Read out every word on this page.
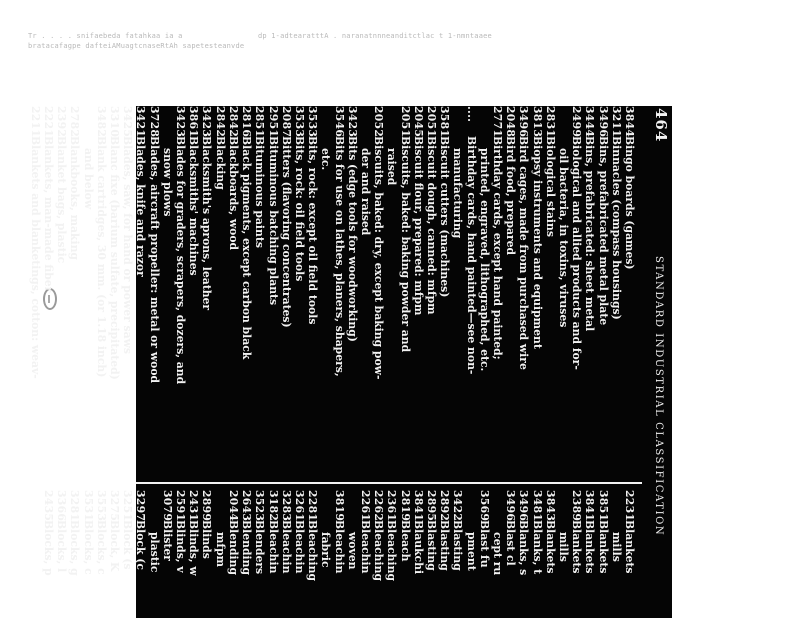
Tr . . . . snifaebeda fatahkaa ia a
bratacafagpe dafteiAMuagtcnaseRtAh sapetesteanvde
dp 1-adtearatttA . naranatnnneanditctlac t 1-nmntaaee
464
STANDARD INDUSTRIAL CLASSIFICATION
3844
Bingo boards (games)
3211
Binnacles (compass housings)
3496
Bins, prefabricated metal plate
3444
Bins, prefabricated: sheet metal
2499
Biological and allied products and for-
oil bacteria, in toxins, viruses
2831
Biological stains
3813
Biopsy instruments and equipment
3496
Bird cages, made from purchased wire
2048
Bird food, prepared
2771
Birthday cards, except hand painted;
printed, engraved, lithographed, etc.
....
Birthday cards, hand painted—see non-
manufacturing
3581
Biscuit cutters (machines)
2051
Biscuit dough, canned: mfpm
2045
Biscuit flour, prepared: mfpm
2051
Biscuits, baked: baking powder and
raised
2052
Biscuits, baked: dry, except baking pow-
der and raised
3423
Bits (edge tools for woodworking)
3546
Bits for use on lathes, planers, shapers,
etc.
3533
Bits, rock: except oil field tools
3533
Bits, rock: oil field tools
2087
Bitters (flavoring concentrates)
2951
Bituminous batching plants
2851
Bituminous paints
2816
Black pigments, except carbon black
2842
Blackboards, wood
2842
Blacking
3423
Blacksmith's aprons, leather
3861
Blacksmiths' machines
3423
Blades for graders, scrapers, dozers, and
snow plows
3728
Blades, aircraft propeller: metal or wood
3421
Blades, knife and razor
3425
Blades, saw, for hand or power saws
3310
Blanc fixe (barium sulfate, precipitated)
3482
Blank cartridges, 30 mm. (or 1.18 inch)
and below
2782
Blankbooks, making
2392
Blanket bags, plastic
2221
Blankets, man-made fiber
2211
Blankets and blanketings, cotton: weav-
2231
Blankets
mills
3851
Blankets
3841
Blankets
2389
Blankets
mills
3843
Blankets
3481
Blanks, t
3496
Blanks, s
3496
Blast cl
cept ru
3569
Blast fu
pment
3422
Blasting
2892
Blasting
2895
Blasting
3841
Blaukchi
2819
Bleach
2361
Bleaching
2262
Bleaching
2261
Bleachin
woven
3819
Bleachin
fabric
2281
Bleaching
3261
Bleachin
3283
Bleachin
3182
Bleachin
3523
Blenders
2643
Blending
2044
Blending
mfpm
2899
Blinds
2431
Blinds, w
2591
Blinds, v
3079
Blister
plastic
3297
Block (c
3251
Block (s
3275
Block, K
3553
Blocks, c
3531
Blocks, c
3281
Blocks, g
3366
Blocks, l
2435
Blocks, p
